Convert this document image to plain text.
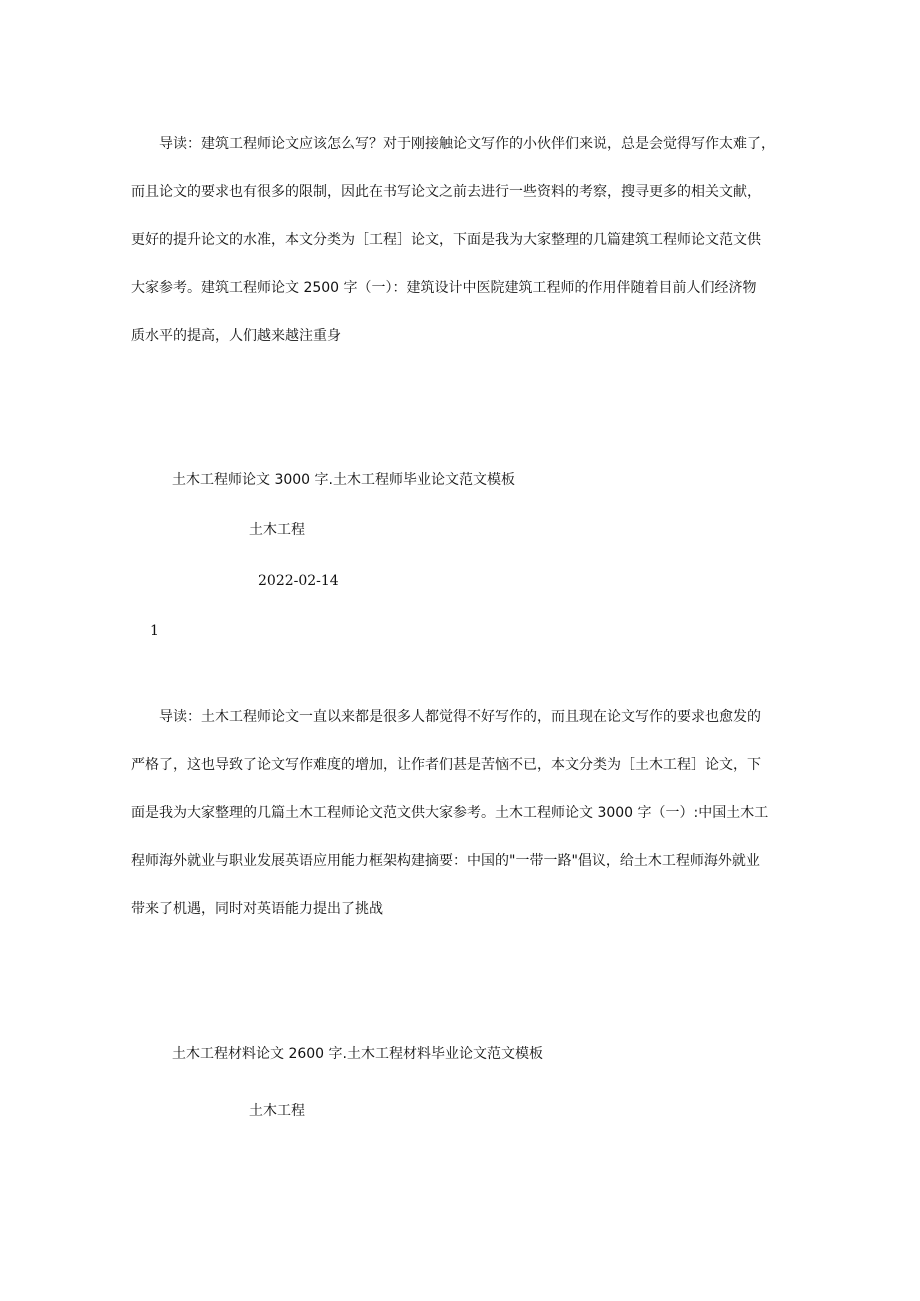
　　导读：建筑工程师论文应该怎么写？对于刚接触论文写作的小伙伴们来说，总是会觉得写作太难了，
而且论文的要求也有很多的限制，因此在书写论文之前去进行一些资料的考察，搜寻更多的相关文献，
更好的提升论文的水准，本文分类为［工程］论文，下面是我为大家整理的几篇建筑工程师论文范文供
大家参考。建筑工程师论文 2500 字（一）：建筑设计中医院建筑工程师的作用伴随着目前人们经济物
质水平的提高，人们越来越注重身
土木工程师论文 3000 字.土木工程师毕业论文范文模板
土木工程
2022-02-14
1
　　导读：土木工程师论文一直以来都是很多人都觉得不好写作的，而且现在论文写作的要求也愈发的
严格了，这也导致了论文写作难度的增加，让作者们甚是苦恼不已，本文分类为［土木工程］论文，下
面是我为大家整理的几篇土木工程师论文范文供大家参考。土木工程师论文 3000 字（一）:中国土木工
程师海外就业与职业发展英语应用能力框架构建摘要：中国的"一带一路"倡议，给土木工程师海外就业
带来了机遇，同时对英语能力提出了挑战
土木工程材料论文 2600 字.土木工程材料毕业论文范文模板
土木工程
